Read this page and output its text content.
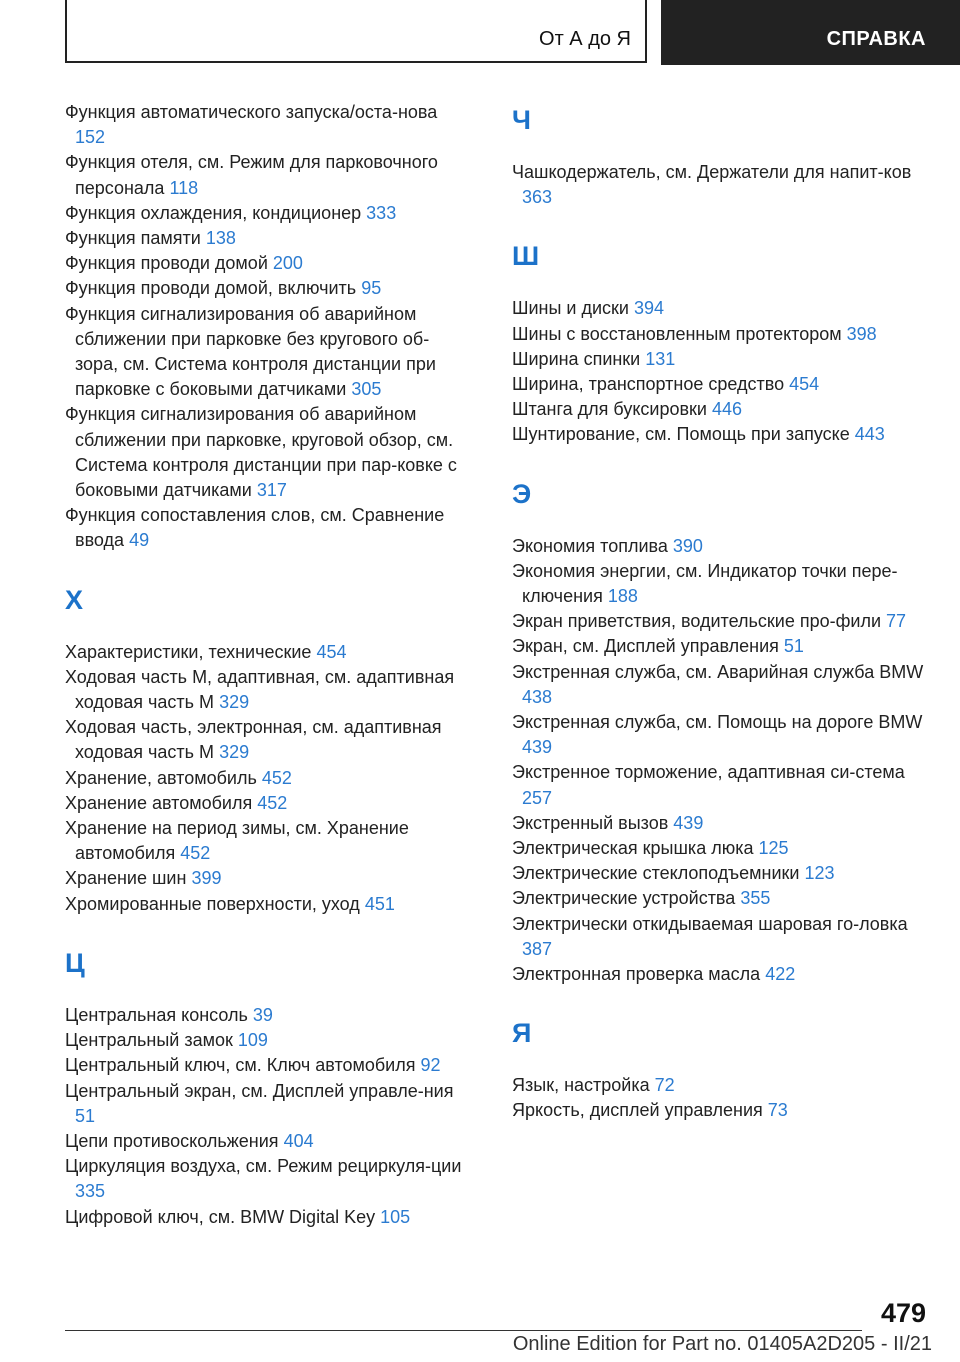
От А до Я	СПРАВКА
Функция автоматического запуска/оста‐нова 152
Функция отеля, см. Режим для парковочного персонала 118
Функция охлаждения, кондиционер 333
Функция памяти 138
Функция проводи домой 200
Функция проводи домой, включить 95
Функция сигнализирования об аварийном сближении при парковке без кругового об‐зора, см. Система контроля дистанции при парковке с боковыми датчиками 305
Функция сигнализирования об аварийном сближении при парковке, круговой обзор, см. Система контроля дистанции при пар‐ковке с боковыми датчиками 317
Функция сопоставления слов, см. Сравнение ввода 49
Х
Характеристики, технические 454
Ходовая часть M, адаптивная, см. адаптивная ходовая часть M 329
Ходовая часть, электронная, см. адаптивная ходовая часть M 329
Хранение, автомобиль 452
Хранение автомобиля 452
Хранение на период зимы, см. Хранение автомобиля 452
Хранение шин 399
Хромированные поверхности, уход 451
Ц
Центральная консоль 39
Центральный замок 109
Центральный ключ, см. Ключ автомобиля 92
Центральный экран, см. Дисплей управле‐ния 51
Цепи противоскольжения 404
Циркуляция воздуха, см. Режим рециркуля‐ции 335
Цифровой ключ, см. BMW Digital Key 105
Ч
Чашкодержатель, см. Держатели для напит‐ков 363
Ш
Шины и диски 394
Шины с восстановленным протектором 398
Ширина спинки 131
Ширина, транспортное средство 454
Штанга для буксировки 446
Шунтирование, см. Помощь при запуске 443
Э
Экономия топлива 390
Экономия энергии, см. Индикатор точки пере‐ключения 188
Экран приветствия, водительские про‐фили 77
Экран, см. Дисплей управления 51
Экстренная служба, см. Аварийная служба BMW 438
Экстренная служба, см. Помощь на дороге BMW 439
Экстренное торможение, адаптивная си‐стема 257
Экстренный вызов 439
Электрическая крышка люка 125
Электрические стеклоподъемники 123
Электрические устройства 355
Электрически откидываемая шаровая го‐ловка 387
Электронная проверка масла 422
Я
Язык, настройка 72
Яркость, дисплей управления 73
479
Online Edition for Part no. 01405A2D205 - II/21
